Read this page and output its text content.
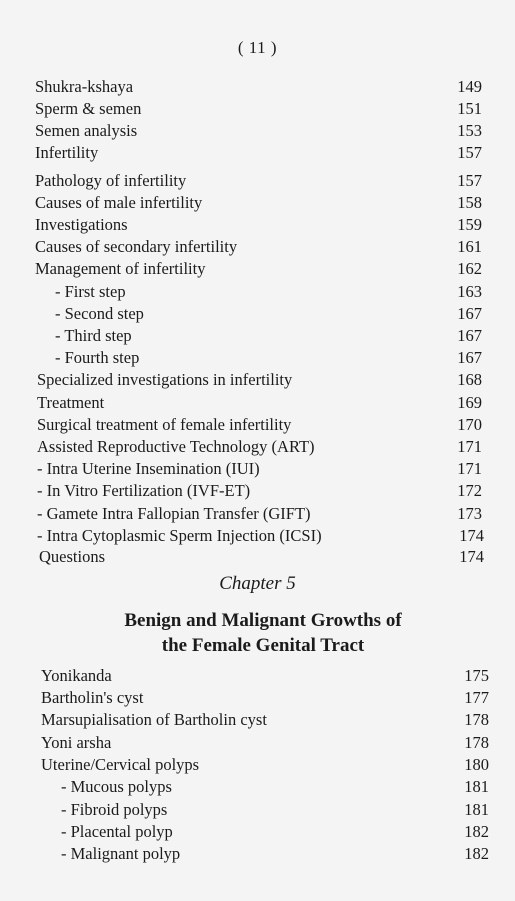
( 11 )
Shukra-kshaya	149
Sperm & semen	151
Semen analysis	153
Infertility	157
Pathology of infertility	157
Causes of male infertility	158
Investigations	159
Causes of secondary infertility	161
Management of infertility	162
- First step	163
- Second step	167
- Third step	167
- Fourth step	167
Specialized investigations in infertility	168
Treatment	169
Surgical treatment of female infertility	170
Assisted Reproductive Technology (ART)	171
- Intra Uterine Insemination (IUI)	171
- In Vitro Fertilization (IVF-ET)	172
- Gamete Intra Fallopian Transfer (GIFT)	173
- Intra Cytoplasmic Sperm Injection (ICSI)	174
Questions	174
Chapter 5
Benign and Malignant Growths of
the Female Genital Tract
Yonikanda	175
Bartholin's cyst	177
Marsupialisation of Bartholin cyst	178
Yoni arsha	178
Uterine/Cervical polyps	180
- Mucous polyps	181
- Fibroid polyps	181
- Placental polyp	182
- Malignant polyp	182
